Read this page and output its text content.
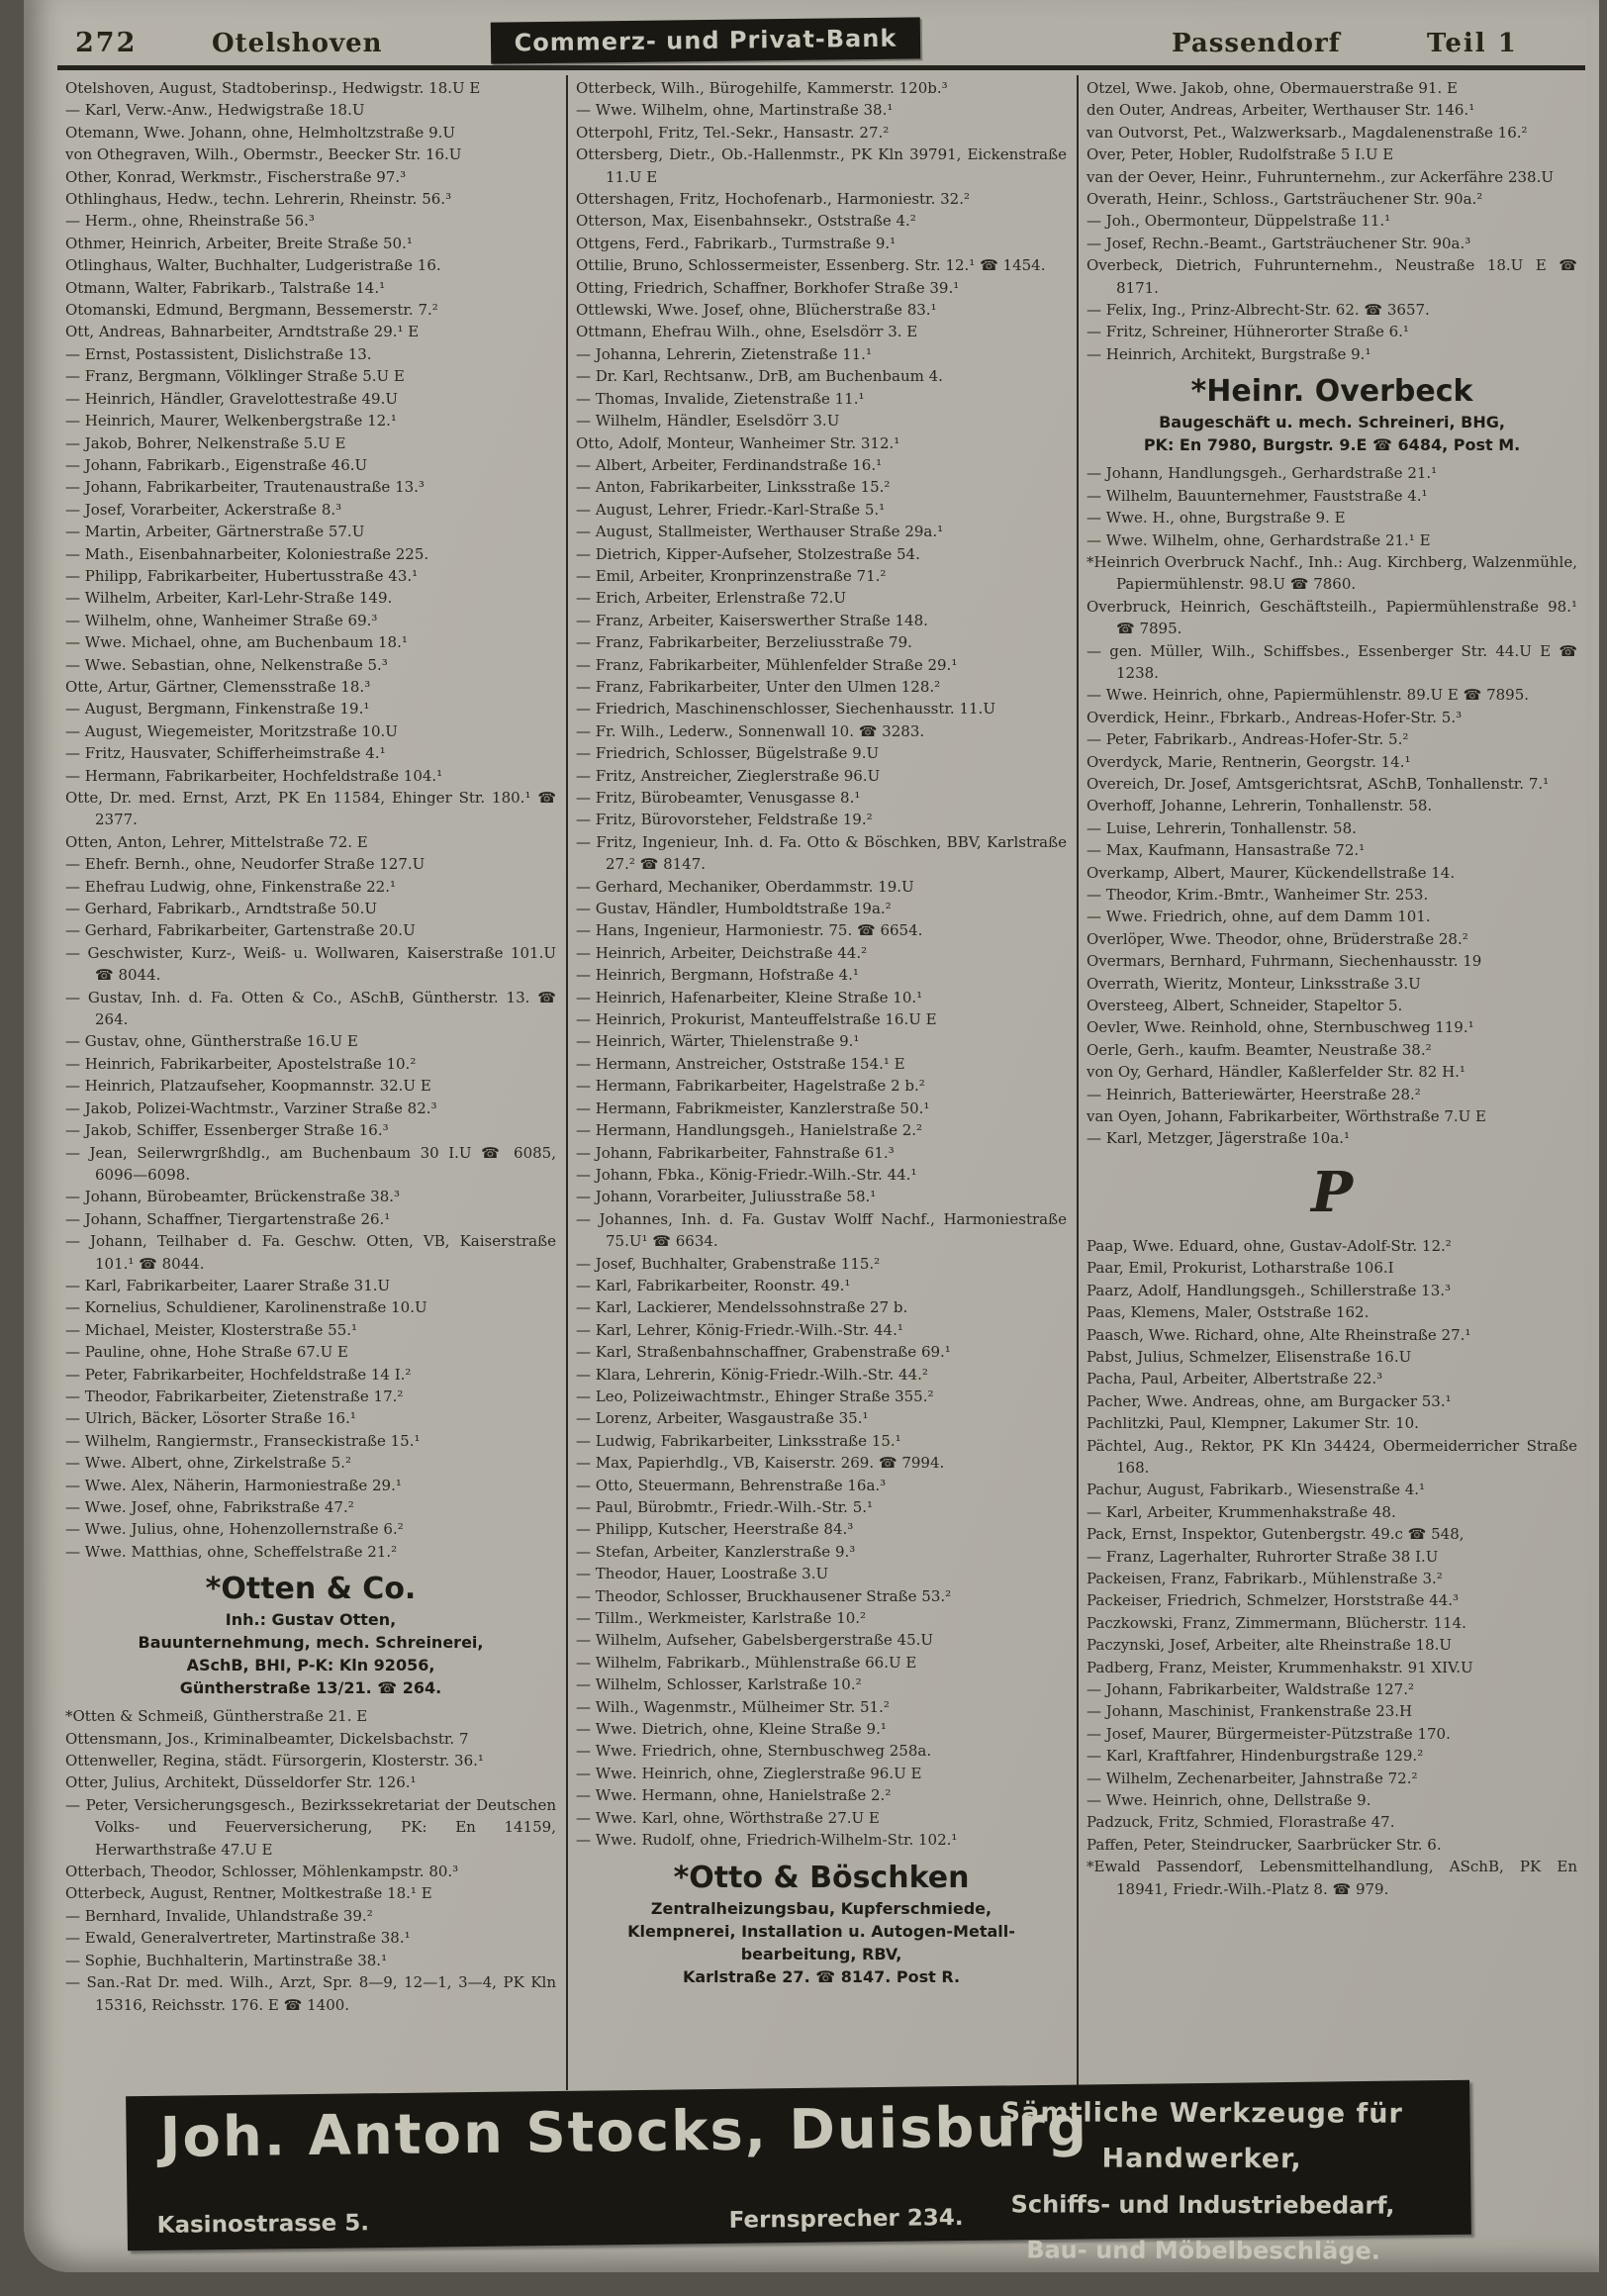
272	Otelshoven	Commerz- und Privat-Bank	Passendorf	Teil 1

Otelshoven, August, Stadtoberinsp., Hedwigstr. 18.U E

— Karl, Verw.-Anw., Hedwigstraße 18.U

Otemann, Wwe. Johann, ohne, Helmholtzstraße 9.U

von Othegraven, Wilh., Obermstr., Beecker Str. 16.U

Other, Konrad, Werkmstr., Fischerstraße 97.³

Othlinghaus, Hedw., techn. Lehrerin, Rheinstr. 56.³

— Herm., ohne, Rheinstraße 56.³

Othmer, Heinrich, Arbeiter, Breite Straße 50.¹

Otlinghaus, Walter, Buchhalter, Ludgeristraße 16.

Otmann, Walter, Fabrikarb., Talstraße 14.¹

Otomanski, Edmund, Bergmann, Bessemerstr. 7.²

Ott, Andreas, Bahnarbeiter, Arndtstraße 29.¹ E

— Ernst, Postassistent, Dislichstraße 13.

— Franz, Bergmann, Völklinger Straße 5.U E

— Heinrich, Händler, Gravelottestraße 49.U

— Heinrich, Maurer, Welkenbergstraße 12.¹

— Jakob, Bohrer, Nelkenstraße 5.U E

— Johann, Fabrikarb., Eigenstraße 46.U

— Johann, Fabrikarbeiter, Trautenaustraße 13.³

— Josef, Vorarbeiter, Ackerstraße 8.³

— Martin, Arbeiter, Gärtnerstraße 57.U

— Math., Eisenbahnarbeiter, Koloniestraße 225.

— Philipp, Fabrikarbeiter, Hubertusstraße 43.¹

— Wilhelm, Arbeiter, Karl-Lehr-Straße 149.

— Wilhelm, ohne, Wanheimer Straße 69.³

— Wwe. Michael, ohne, am Buchenbaum 18.¹

— Wwe. Sebastian, ohne, Nelkenstraße 5.³

Otte, Artur, Gärtner, Clemensstraße 18.³

— August, Bergmann, Finkenstraße 19.¹

— August, Wiegemeister, Moritzstraße 10.U

— Fritz, Hausvater, Schifferheimstraße 4.¹

— Hermann, Fabrikarbeiter, Hochfeldstraße 104.¹

Otte, Dr. med. Ernst, Arzt, PK En 11584, Ehinger Str. 180.¹ ☎ 2377.

Otten, Anton, Lehrer, Mittelstraße 72. E

— Ehefr. Bernh., ohne, Neudorfer Straße 127.U

— Ehefrau Ludwig, ohne, Finkenstraße 22.¹

— Gerhard, Fabrikarb., Arndtstraße 50.U

— Gerhard, Fabrikarbeiter, Gartenstraße 20.U

— Geschwister, Kurz-, Weiß- u. Wollwaren, Kaiserstraße 101.U ☎ 8044.

— Gustav, Inh. d. Fa. Otten & Co., ASchB, Güntherstr. 13. ☎ 264.

— Gustav, ohne, Güntherstraße 16.U E

— Heinrich, Fabrikarbeiter, Apostelstraße 10.²

— Heinrich, Platzaufseher, Koopmannstr. 32.U E

— Jakob, Polizei-Wachtmstr., Varziner Straße 82.³

— Jakob, Schiffer, Essenberger Straße 16.³

— Jean, Seilerwrgrßhdlg., am Buchenbaum 30 I.U ☎ 6085, 6096—6098.

— Johann, Bürobeamter, Brückenstraße 38.³

— Johann, Schaffner, Tiergartenstraße 26.¹

— Johann, Teilhaber d. Fa. Geschw. Otten, VB, Kaiserstraße 101.¹ ☎ 8044.

— Karl, Fabrikarbeiter, Laarer Straße 31.U

— Kornelius, Schuldiener, Karolinenstraße 10.U

— Michael, Meister, Klosterstraße 55.¹

— Pauline, ohne, Hohe Straße 67.U E

— Peter, Fabrikarbeiter, Hochfeldstraße 14 I.²

— Theodor, Fabrikarbeiter, Zietenstraße 17.²

— Ulrich, Bäcker, Lösorter Straße 16.¹

— Wilhelm, Rangiermstr., Franseckistraße 15.¹

— Wwe. Albert, ohne, Zirkelstraße 5.²

— Wwe. Alex, Näherin, Harmoniestraße 29.¹

— Wwe. Josef, ohne, Fabrikstraße 47.²

— Wwe. Julius, ohne, Hohenzollernstraße 6.²

— Wwe. Matthias, ohne, Scheffelstraße 21.²

*Otten & Co.
Inh.: Gustav Otten,
Bauunternehmung, mech. Schreinerei,
ASchB, BHI, P-K: Kln 92056,
Güntherstraße 13/21. ☎ 264.

*Otten & Schmeiß, Güntherstraße 21. E

Ottensmann, Jos., Kriminalbeamter, Dickelsbachstr. 7

Ottenweller, Regina, städt. Fürsorgerin, Klosterstr. 36.¹

Otter, Julius, Architekt, Düsseldorfer Str. 126.¹

— Peter, Versicherungsgesch., Bezirkssekretariat der Deutschen Volks- und Feuerversicherung, PK: En 14159, Herwarthstraße 47.U E

Otterbach, Theodor, Schlosser, Möhlenkampstr. 80.³

Otterbeck, August, Rentner, Moltkestraße 18.¹ E

— Bernhard, Invalide, Uhlandstraße 39.²

— Ewald, Generalvertreter, Martinstraße 38.¹

— Sophie, Buchhalterin, Martinstraße 38.¹

— San.-Rat Dr. med. Wilh., Arzt, Spr. 8—9, 12—1, 3—4, PK Kln 15316, Reichsstr. 176. E ☎ 1400.

Otterbeck, Wilh., Bürogehilfe, Kammerstr. 120b.³

— Wwe. Wilhelm, ohne, Martinstraße 38.¹

Otterpohl, Fritz, Tel.-Sekr., Hansastr. 27.²

Ottersberg, Dietr., Ob.-Hallenmstr., PK Kln 39791, Eickenstraße 11.U E

Ottershagen, Fritz, Hochofenarb., Harmoniestr. 32.²

Otterson, Max, Eisenbahnsekr., Oststraße 4.²

Ottgens, Ferd., Fabrikarb., Turmstraße 9.¹

Ottilie, Bruno, Schlossermeister, Essenberg. Str. 12.¹ ☎ 1454.

Otting, Friedrich, Schaffner, Borkhofer Straße 39.¹

Ottlewski, Wwe. Josef, ohne, Blücherstraße 83.¹

Ottmann, Ehefrau Wilh., ohne, Eselsdörr 3. E

— Johanna, Lehrerin, Zietenstraße 11.¹

— Dr. Karl, Rechtsanw., DrB, am Buchenbaum 4.

— Thomas, Invalide, Zietenstraße 11.¹

— Wilhelm, Händler, Eselsdörr 3.U

Otto, Adolf, Monteur, Wanheimer Str. 312.¹

— Albert, Arbeiter, Ferdinandstraße 16.¹

— Anton, Fabrikarbeiter, Linksstraße 15.²

— August, Lehrer, Friedr.-Karl-Straße 5.¹

— August, Stallmeister, Werthauser Straße 29a.¹

— Dietrich, Kipper-Aufseher, Stolzestraße 54.

— Emil, Arbeiter, Kronprinzenstraße 71.²

— Erich, Arbeiter, Erlenstraße 72.U

— Franz, Arbeiter, Kaiserswerther Straße 148.

— Franz, Fabrikarbeiter, Berzeliusstraße 79.

— Franz, Fabrikarbeiter, Mühlenfelder Straße 29.¹

— Franz, Fabrikarbeiter, Unter den Ulmen 128.²

— Friedrich, Maschinenschlosser, Siechenhausstr. 11.U

— Fr. Wilh., Lederw., Sonnenwall 10. ☎ 3283.

— Friedrich, Schlosser, Bügelstraße 9.U

— Fritz, Anstreicher, Zieglerstraße 96.U

— Fritz, Bürobeamter, Venusgasse 8.¹

— Fritz, Bürovorsteher, Feldstraße 19.²

— Fritz, Ingenieur, Inh. d. Fa. Otto & Böschken, BBV, Karlstraße 27.² ☎ 8147.

— Gerhard, Mechaniker, Oberdammstr. 19.U

— Gustav, Händler, Humboldtstraße 19a.²

— Hans, Ingenieur, Harmoniestr. 75. ☎ 6654.

— Heinrich, Arbeiter, Deichstraße 44.²

— Heinrich, Bergmann, Hofstraße 4.¹

— Heinrich, Hafenarbeiter, Kleine Straße 10.¹

— Heinrich, Prokurist, Manteuffelstraße 16.U E

— Heinrich, Wärter, Thielenstraße 9.¹

— Hermann, Anstreicher, Oststraße 154.¹ E

— Hermann, Fabrikarbeiter, Hagelstraße 2 b.²

— Hermann, Fabrikmeister, Kanzlerstraße 50.¹

— Hermann, Handlungsgeh., Hanielstraße 2.²

— Johann, Fabrikarbeiter, Fahnstraße 61.³

— Johann, Fbka., König-Friedr.-Wilh.-Str. 44.¹

— Johann, Vorarbeiter, Juliusstraße 58.¹

— Johannes, Inh. d. Fa. Gustav Wolff Nachf., Harmoniestraße 75.U¹ ☎ 6634.

— Josef, Buchhalter, Grabenstraße 115.²

— Karl, Fabrikarbeiter, Roonstr. 49.¹

— Karl, Lackierer, Mendelssohnstraße 27 b.

— Karl, Lehrer, König-Friedr.-Wilh.-Str. 44.¹

— Karl, Straßenbahnschaffner, Grabenstraße 69.¹

— Klara, Lehrerin, König-Friedr.-Wilh.-Str. 44.²

— Leo, Polizeiwachtmstr., Ehinger Straße 355.²

— Lorenz, Arbeiter, Wasgaustraße 35.¹

— Ludwig, Fabrikarbeiter, Linksstraße 15.¹

— Max, Papierhdlg., VB, Kaiserstr. 269. ☎ 7994.

— Otto, Steuermann, Behrenstraße 16a.³

— Paul, Bürobmtr., Friedr.-Wilh.-Str. 5.¹

— Philipp, Kutscher, Heerstraße 84.³

— Stefan, Arbeiter, Kanzlerstraße 9.³

— Theodor, Hauer, Loostraße 3.U

— Theodor, Schlosser, Bruckhausener Straße 53.²

— Tillm., Werkmeister, Karlstraße 10.²

— Wilhelm, Aufseher, Gabelsbergerstraße 45.U

— Wilhelm, Fabrikarb., Mühlenstraße 66.U E

— Wilhelm, Schlosser, Karlstraße 10.²

— Wilh., Wagenmstr., Mülheimer Str. 51.²

— Wwe. Dietrich, ohne, Kleine Straße 9.¹

— Wwe. Friedrich, ohne, Sternbuschweg 258a.

— Wwe. Heinrich, ohne, Zieglerstraße 96.U E

— Wwe. Hermann, ohne, Hanielstraße 2.²

— Wwe. Karl, ohne, Wörthstraße 27.U E

— Wwe. Rudolf, ohne, Friedrich-Wilhelm-Str. 102.¹

*Otto & Böschken
Zentralheizungsbau, Kupferschmiede,
Klempnerei, Installation u. Autogen-Metall-
bearbeitung, RBV,
Karlstraße 27. ☎ 8147. Post R.

Otzel, Wwe. Jakob, ohne, Obermauerstraße 91. E

den Outer, Andreas, Arbeiter, Werthauser Str. 146.¹

van Outvorst, Pet., Walzwerksarb., Magdalenenstraße 16.²

Over, Peter, Hobler, Rudolfstraße 5 I.U E

van der Oever, Heinr., Fuhrunternehm., zur Ackerfähre 238.U

Overath, Heinr., Schloss., Gartsträuchener Str. 90a.²

— Joh., Obermonteur, Düppelstraße 11.¹

— Josef, Rechn.-Beamt., Gartsträuchener Str. 90a.³

Overbeck, Dietrich, Fuhrunternehm., Neustraße 18.U E ☎ 8171.

— Felix, Ing., Prinz-Albrecht-Str. 62. ☎ 3657.

— Fritz, Schreiner, Hühnerorter Straße 6.¹

— Heinrich, Architekt, Burgstraße 9.¹

*Heinr. Overbeck
Baugeschäft u. mech. Schreineri, BHG,
PK: En 7980, Burgstr. 9.E ☎ 6484, Post M.

— Johann, Handlungsgeh., Gerhardstraße 21.¹

— Wilhelm, Bauunternehmer, Fauststraße 4.¹

— Wwe. H., ohne, Burgstraße 9. E

— Wwe. Wilhelm, ohne, Gerhardstraße 21.¹ E

*Heinrich Overbruck Nachf., Inh.: Aug. Kirchberg, Walzenmühle, Papiermühlenstr. 98.U ☎ 7860.

Overbruck, Heinrich, Geschäftsteilh., Papiermühlenstraße 98.¹ ☎ 7895.

— gen. Müller, Wilh., Schiffsbes., Essenberger Str. 44.U E ☎ 1238.

— Wwe. Heinrich, ohne, Papiermühlenstr. 89.U E ☎ 7895.

Overdick, Heinr., Fbrkarb., Andreas-Hofer-Str. 5.³

— Peter, Fabrikarb., Andreas-Hofer-Str. 5.²

Overdyck, Marie, Rentnerin, Georgstr. 14.¹

Overeich, Dr. Josef, Amtsgerichtsrat, ASchB, Tonhallenstr. 7.¹

Overhoff, Johanne, Lehrerin, Tonhallenstr. 58.

— Luise, Lehrerin, Tonhallenstr. 58.

— Max, Kaufmann, Hansastraße 72.¹

Overkamp, Albert, Maurer, Kückendellstraße 14.

— Theodor, Krim.-Bmtr., Wanheimer Str. 253.

— Wwe. Friedrich, ohne, auf dem Damm 101.

Overlöper, Wwe. Theodor, ohne, Brüderstraße 28.²

Overmars, Bernhard, Fuhrmann, Siechenhausstr. 19

Overrath, Wieritz, Monteur, Linksstraße 3.U

Oversteeg, Albert, Schneider, Stapeltor 5.

Oevler, Wwe. Reinhold, ohne, Sternbuschweg 119.¹

Oerle, Gerh., kaufm. Beamter, Neustraße 38.²

von Oy, Gerhard, Händler, Kaßlerfelder Str. 82 H.¹

— Heinrich, Batteriewärter, Heerstraße 28.²

van Oyen, Johann, Fabrikarbeiter, Wörthstraße 7.U E

— Karl, Metzger, Jägerstraße 10a.¹

P

Paap, Wwe. Eduard, ohne, Gustav-Adolf-Str. 12.²

Paar, Emil, Prokurist, Lotharstraße 106.I

Paarz, Adolf, Handlungsgeh., Schillerstraße 13.³

Paas, Klemens, Maler, Oststraße 162.

Paasch, Wwe. Richard, ohne, Alte Rheinstraße 27.¹

Pabst, Julius, Schmelzer, Elisenstraße 16.U

Pacha, Paul, Arbeiter, Albertstraße 22.³

Pacher, Wwe. Andreas, ohne, am Burgacker 53.¹

Pachlitzki, Paul, Klempner, Lakumer Str. 10.

Pächtel, Aug., Rektor, PK Kln 34424, Obermeiderricher Straße 168.

Pachur, August, Fabrikarb., Wiesenstraße 4.¹

— Karl, Arbeiter, Krummenhakstraße 48.

Pack, Ernst, Inspektor, Gutenbergstr. 49.c ☎ 548,

— Franz, Lagerhalter, Ruhrorter Straße 38 I.U

Packeisen, Franz, Fabrikarb., Mühlenstraße 3.²

Packeiser, Friedrich, Schmelzer, Horststraße 44.³

Paczkowski, Franz, Zimmermann, Blücherstr. 114.

Paczynski, Josef, Arbeiter, alte Rheinstraße 18.U

Padberg, Franz, Meister, Krummenhakstr. 91 XIV.U

— Johann, Fabrikarbeiter, Waldstraße 127.²

— Johann, Maschinist, Frankenstraße 23.H

— Josef, Maurer, Bürgermeister-Pützstraße 170.

— Karl, Kraftfahrer, Hindenburgstraße 129.²

— Wilhelm, Zechenarbeiter, Jahnstraße 72.²

— Wwe. Heinrich, ohne, Dellstraße 9.

Padzuck, Fritz, Schmied, Florastraße 47.

Paffen, Peter, Steindrucker, Saarbrücker Str. 6.

*Ewald Passendorf, Lebensmittelhandlung, ASchB, PK En 18941, Friedr.-Wilh.-Platz 8. ☎ 979.

Joh. Anton Stocks, Duisburg
Kasinostrasse 5.	Fernsprecher 234.
Sämtliche Werkzeuge für Handwerker,
Schiffs- und Industriebedarf,
Bau- und Möbelbeschläge.
